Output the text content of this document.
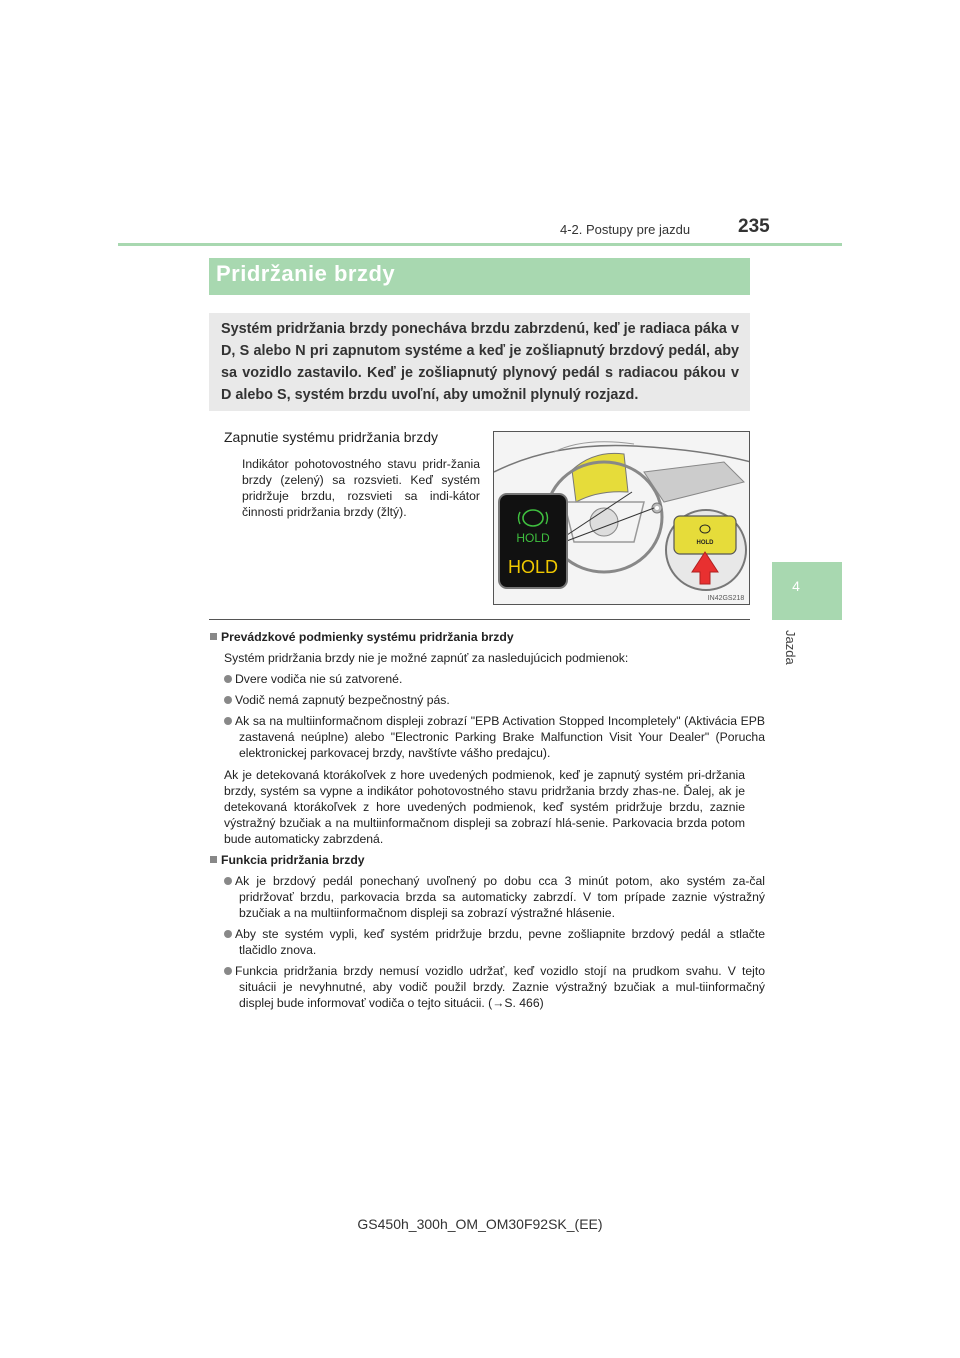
4-2. Postupy pre jazdu	235
4
Jazda
Pridržanie brzdy
Systém pridržania brzdy ponecháva brzdu zabrzdenú, keď je radiaca páka v D, S alebo N pri zapnutom systéme a keď je zošliapnutý brzdový pedál, aby sa vozidlo zastavilo. Keď je zošliapnutý plynový pedál s radiacou pákou v D alebo S, systém brzdu uvoľní, aby umožnil plynulý rozjazd.
Zapnutie systému pridržania brzdy
Indikátor pohotovostného stavu pridr-žania brzdy (zelený) sa rozsvieti. Keď systém pridržuje brzdu, rozsvieti sa indi-kátor činnosti pridržania brzdy (žltý).
HOLD
HOLD
HOLD
IN42GS218
Prevádzkové podmienky systému pridržania brzdy
Systém pridržania brzdy nie je možné zapnúť za nasledujúcich podmienok:
Dvere vodiča nie sú zatvorené.
Vodič nemá zapnutý bezpečnostný pás.
Ak sa na multiinformačnom displeji zobrazí "EPB Activation Stopped Incompletely" (Aktivácia EPB zastavená neúplne) alebo "Electronic Parking Brake Malfunction Visit Your Dealer" (Porucha elektronickej parkovacej brzdy, navštívte vášho predajcu).
Ak je detekovaná ktorákoľvek z hore uvedených podmienok, keď je zapnutý systém pri-držania brzdy, systém sa vypne a indikátor pohotovostného stavu pridržania brzdy zhas-ne. Ďalej, ak je detekovaná ktorákoľvek z hore uvedených podmienok, keď systém pridržuje brzdu, zaznie výstražný bzučiak a na multiinformačnom displeji sa zobrazí hlá-senie. Parkovacia brzda potom bude automaticky zabrzdená.
Funkcia pridržania brzdy
Ak je brzdový pedál ponechaný uvoľnený po dobu cca 3 minút potom, ako systém za-čal pridržovať brzdu, parkovacia brzda sa automaticky zabrzdí. V tom prípade zaznie výstražný bzučiak a na multiinformačnom displeji sa zobrazí výstražné hlásenie.
Aby ste systém vypli, keď systém pridržuje brzdu, pevne zošliapnite brzdový pedál a stlačte tlačidlo znova.
Funkcia pridržania brzdy nemusí vozidlo udržať, keď vozidlo stojí na prudkom svahu. V tejto situácii je nevyhnutné, aby vodič použil brzdy. Zaznie výstražný bzučiak a mul-tiinformačný displej bude informovať vodiča o tejto situácii. (→S. 466)
GS450h_300h_OM_OM30F92SK_(EE)
